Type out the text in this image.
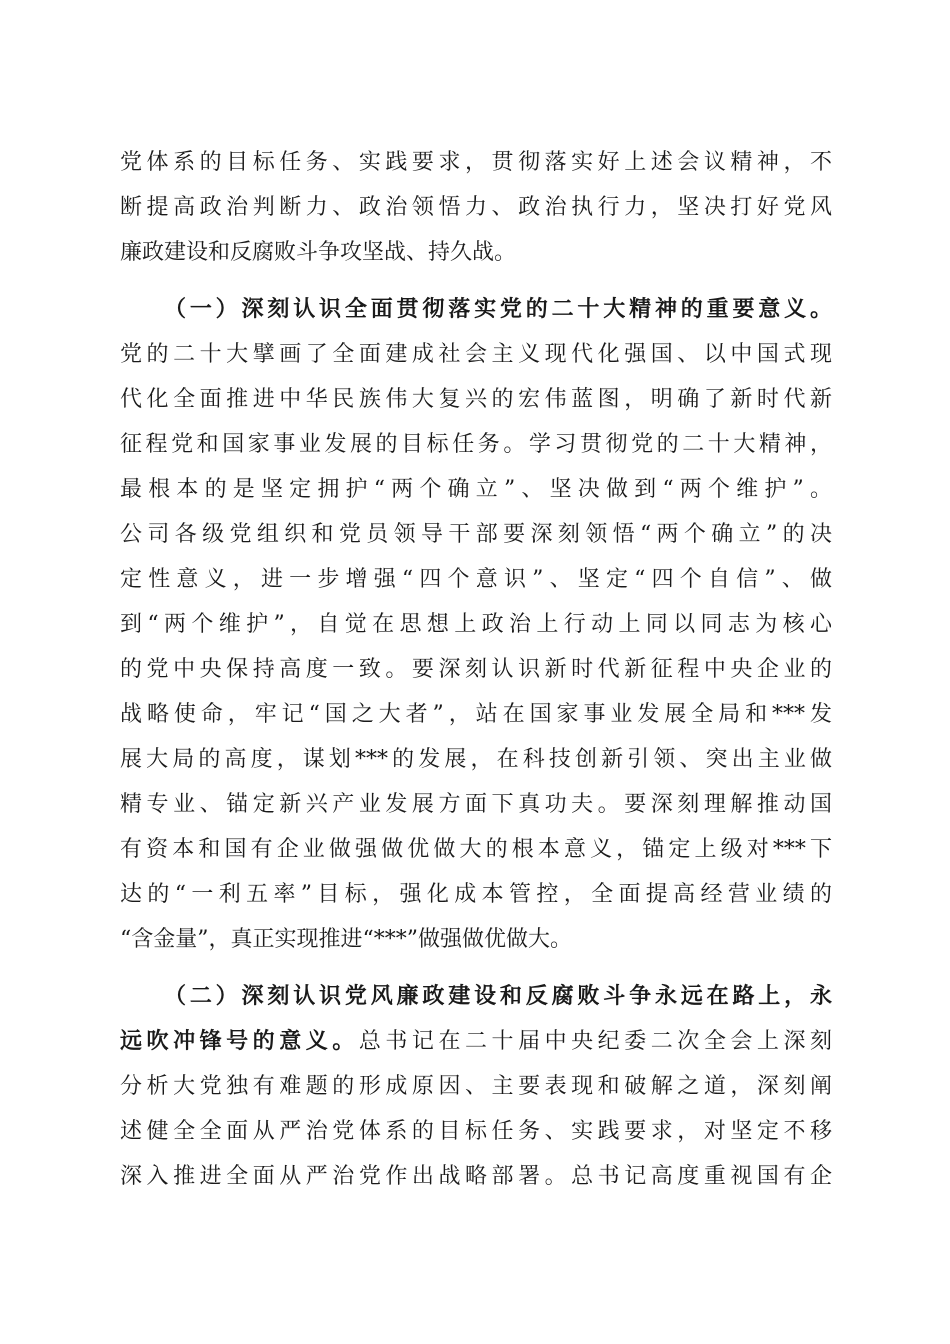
党体系的目标任务、实践要求，贯彻落实好上述会议精神，不
断提高政治判断力、政治领悟力、政治执行力，坚决打好党风
廉政建设和反腐败斗争攻坚战、持久战。
（一）深刻认识全面贯彻落实党的二十大精神的重要意义。
党的二十大擘画了全面建成社会主义现代化强国、以中国式现
代化全面推进中华民族伟大复兴的宏伟蓝图，明确了新时代新
征程党和国家事业发展的目标任务。学习贯彻党的二十大精神，
最根本的是坚定拥护“两个确立”、坚决做到“两个维护”。
公司各级党组织和党员领导干部要深刻领悟“两个确立”的决
定性意义，进一步增强“四个意识”、坚定“四个自信”、做
到“两个维护”，自觉在思想上政治上行动上同以同志为核心
的党中央保持高度一致。要深刻认识新时代新征程中央企业的
战略使命，牢记“国之大者”，站在国家事业发展全局和***发
展大局的高度，谋划***的发展，在科技创新引领、突出主业做
精专业、锚定新兴产业发展方面下真功夫。要深刻理解推动国
有资本和国有企业做强做优做大的根本意义，锚定上级对***下
达的“一利五率”目标，强化成本管控，全面提高经营业绩的
“含金量”，真正实现推进“***”做强做优做大。
（二）深刻认识党风廉政建设和反腐败斗争永远在路上，永
远吹冲锋号的意义。总书记在二十届中央纪委二次全会上深刻
分析大党独有难题的形成原因、主要表现和破解之道，深刻阐
述健全全面从严治党体系的目标任务、实践要求，对坚定不移
深入推进全面从严治党作出战略部署。总书记高度重视国有企
